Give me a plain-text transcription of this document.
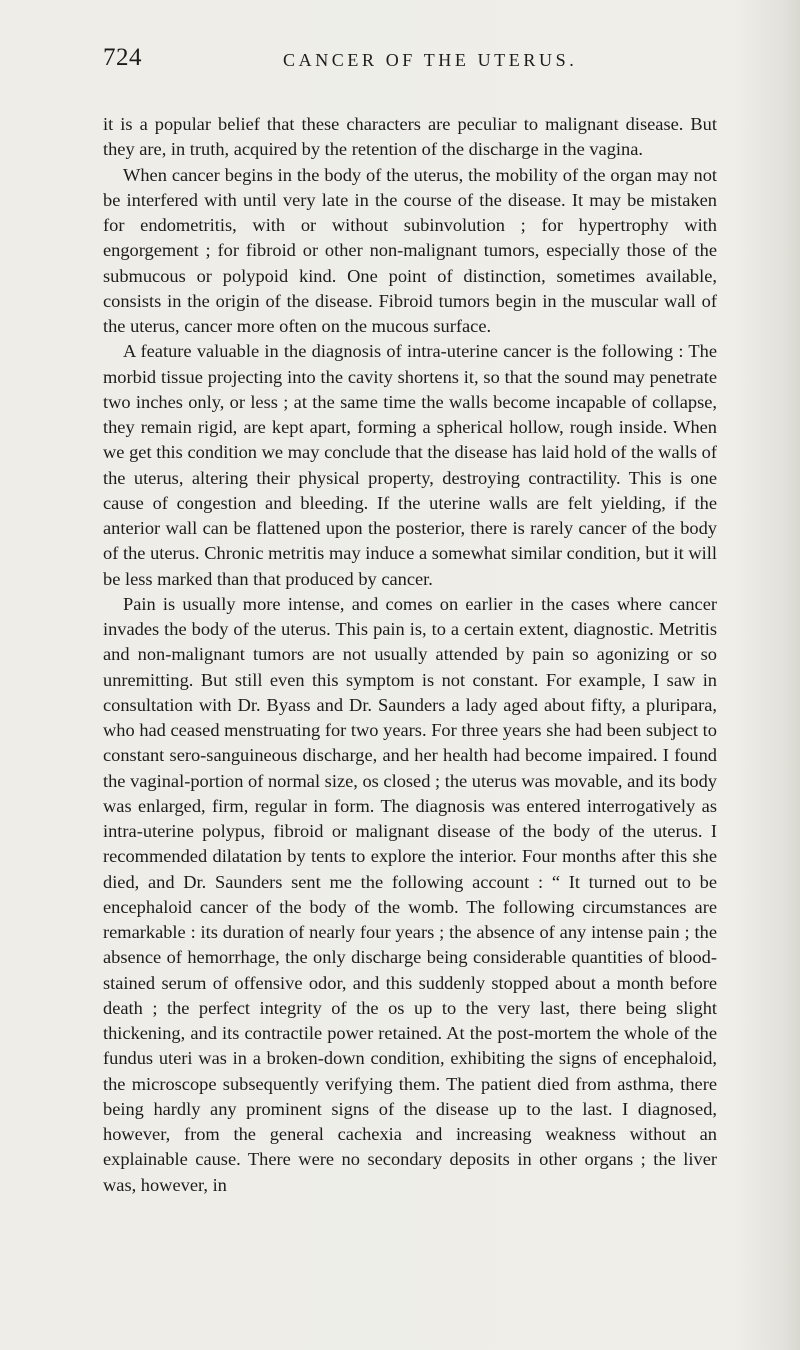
724	CANCER OF THE UTERUS.

it is a popular belief that these characters are peculiar to malignant disease. But they are, in truth, acquired by the retention of the discharge in the vagina.

When cancer begins in the body of the uterus, the mobility of the organ may not be interfered with until very late in the course of the disease. It may be mistaken for endometritis, with or without subinvolution ; for hypertrophy with engorgement ; for fibroid or other non-malignant tumors, especially those of the submucous or polypoid kind. One point of distinction, sometimes available, consists in the origin of the disease. Fibroid tumors begin in the muscular wall of the uterus, cancer more often on the mucous surface.

A feature valuable in the diagnosis of intra-uterine cancer is the following : The morbid tissue projecting into the cavity shortens it, so that the sound may penetrate two inches only, or less ; at the same time the walls become incapable of collapse, they remain rigid, are kept apart, forming a spherical hollow, rough inside. When we get this condition we may conclude that the disease has laid hold of the walls of the uterus, altering their physical property, destroying contractility. This is one cause of congestion and bleeding. If the uterine walls are felt yielding, if the anterior wall can be flattened upon the posterior, there is rarely cancer of the body of the uterus. Chronic metritis may induce a somewhat similar condition, but it will be less marked than that produced by cancer.

Pain is usually more intense, and comes on earlier in the cases where cancer invades the body of the uterus. This pain is, to a certain extent, diagnostic. Metritis and non-malignant tumors are not usually attended by pain so agonizing or so unremitting. But still even this symptom is not constant. For example, I saw in consultation with Dr. Byass and Dr. Saunders a lady aged about fifty, a pluripara, who had ceased menstruating for two years. For three years she had been subject to constant sero-sanguineous discharge, and her health had become impaired. I found the vaginal-portion of normal size, os closed ; the uterus was movable, and its body was enlarged, firm, regular in form. The diagnosis was entered interrogatively as intra-uterine polypus, fibroid or malignant disease of the body of the uterus. I recommended dilatation by tents to explore the interior. Four months after this she died, and Dr. Saunders sent me the following account : “ It turned out to be encephaloid cancer of the body of the womb. The following circumstances are remarkable : its duration of nearly four years ; the absence of any intense pain ; the absence of hemorrhage, the only discharge being considerable quantities of blood-stained serum of offensive odor, and this suddenly stopped about a month before death ; the perfect integrity of the os up to the very last, there being slight thickening, and its contractile power retained. At the post-mortem the whole of the fundus uteri was in a broken-down condition, exhibiting the signs of encephaloid, the microscope subsequently verifying them. The patient died from asthma, there being hardly any prominent signs of the disease up to the last. I diagnosed, however, from the general cachexia and increasing weakness without an explainable cause. There were no secondary deposits in other organs ; the liver was, however, in
